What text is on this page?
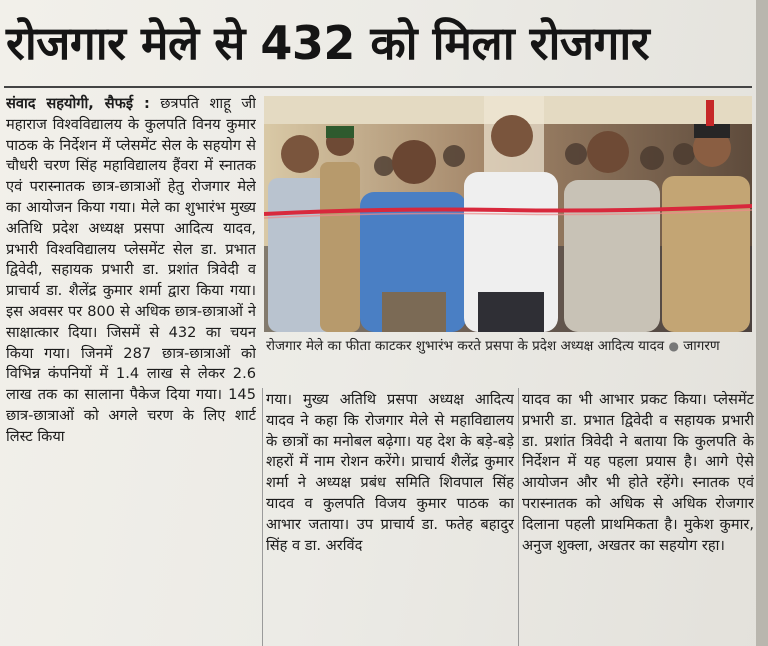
रोजगार मेले से 432 को मिला रोजगार
संवाद सहयोगी, सैफई : छत्रपति शाहू जी महाराज विश्वविद्यालय के कुलपति विनय कुमार पाठक के निर्देशन में प्लेसमेंट सेल के सहयोग से चौधरी चरण सिंह महाविद्यालय हैंवरा में स्नातक एवं परास्नातक छात्र-छात्राओं हेतु रोजगार मेले का आयोजन किया गया। मेले का शुभारंभ मुख्य अतिथि प्रदेश अध्यक्ष प्रसपा आदित्य यादव, प्रभारी विश्वविद्यालय प्लेसमेंट सेल डा. प्रभात द्विवेदी, सहायक प्रभारी डा. प्रशांत त्रिवेदी व प्राचार्य डा. शैलेंद्र कुमार शर्मा द्वारा किया गया। इस अवसर पर 800 से अधिक छात्र-छात्राओं ने साक्षात्कार दिया। जिसमें से 432 का चयन किया गया। जिनमें 287 छात्र-छात्राओं को विभिन्न कंपनियों में 1.4 लाख से लेकर 2.6 लाख तक का सालाना पैकेज दिया गया। 145 छात्र-छात्राओं को अगले चरण के लिए शार्ट लिस्ट किया
रोजगार मेले का फीता काटकर शुभारंभ करते प्रसपा के प्रदेश अध्यक्ष आदित्य यादव ● जागरण
गया। मुख्य अतिथि प्रसपा अध्यक्ष आदित्य यादव ने कहा कि रोजगार मेले से महाविद्यालय के छात्रों का मनोबल बढ़ेगा। यह देश के बड़े-बड़े शहरों में नाम रोशन करेंगे। प्राचार्य शैलेंद्र कुमार शर्मा ने अध्यक्ष प्रबंध समिति शिवपाल सिंह यादव व कुलपति विजय कुमार पाठक का आभार जताया। उप प्राचार्य डा. फतेह बहादुर सिंह व डा. अरविंद
यादव का भी आभार प्रकट किया। प्लेसमेंट प्रभारी डा. प्रभात द्विवेदी व सहायक प्रभारी डा. प्रशांत त्रिवेदी ने बताया कि कुलपति के निर्देशन में यह पहला प्रयास है। आगे ऐसे आयोजन और भी होते रहेंगे। स्नातक एवं परास्नातक को अधिक से अधिक रोजगार दिलाना पहली प्राथमिकता है। मुकेश कुमार, अनुज शुक्ला, अखतर का सहयोग रहा।
